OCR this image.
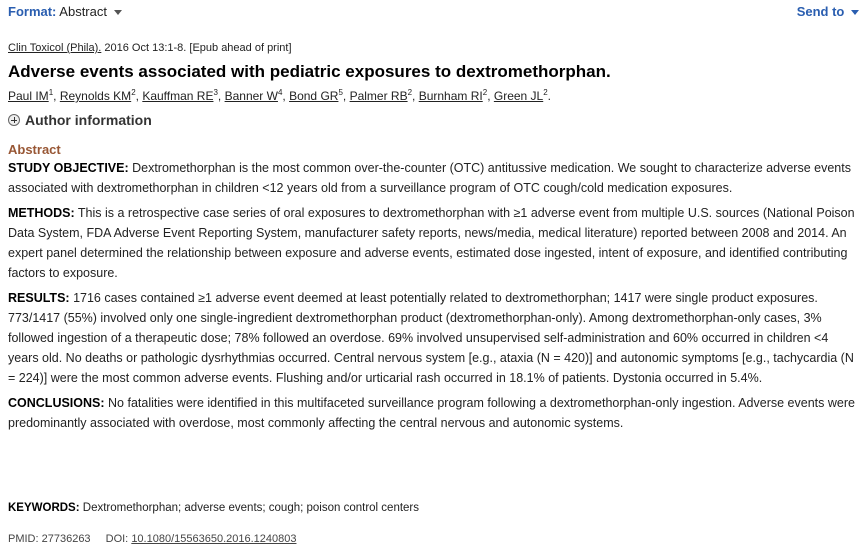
Format: Abstract	Send to
Clin Toxicol (Phila). 2016 Oct 13:1-8. [Epub ahead of print]
Adverse events associated with pediatric exposures to dextromethorphan.
Paul $IM^1$, Reynolds $KM^2$, Kauffman $RE^3$, Banner $W^4$, Bond $GR^5$, Palmer $RB^2$, Burnham $RI^2$, Green $JL^2$.
Author information
Abstract

STUDY OBJECTIVE: Dextromethorphan is the most common over-the-counter (OTC) antitussive medication. We sought to characterize adverse events associated with dextromethorphan in children <12 years old from a surveillance program of OTC cough/cold medication exposures.

METHODS: This is a retrospective case series of oral exposures to dextromethorphan with ≥1 adverse event from multiple U.S. sources (National Poison Data System, FDA Adverse Event Reporting System, manufacturer safety reports, news/media, medical literature) reported between 2008 and 2014. An expert panel determined the relationship between exposure and adverse events, estimated dose ingested, intent of exposure, and identified contributing factors to exposure.

RESULTS: 1716 cases contained ≥1 adverse event deemed at least potentially related to dextromethorphan; 1417 were single product exposures. 773/1417 (55%) involved only one single-ingredient dextromethorphan product (dextromethorphan-only). Among dextromethorphan-only cases, 3% followed ingestion of a therapeutic dose; 78% followed an overdose. 69% involved unsupervised self-administration and 60% occurred in children <4 years old. No deaths or pathologic dysrhythmias occurred. Central nervous system [e.g., ataxia (N = 420)] and autonomic symptoms [e.g., tachycardia (N = 224)] were the most common adverse events. Flushing and/or urticarial rash occurred in 18.1% of patients. Dystonia occurred in 5.4%.

CONCLUSIONS: No fatalities were identified in this multifaceted surveillance program following a dextromethorphan-only ingestion. Adverse events were predominantly associated with overdose, most commonly affecting the central nervous and autonomic systems.

KEYWORDS: Dextromethorphan; adverse events; cough; poison control centers
PMID: 27736263 DOI: 10.1080/15563650.2016.1240803
